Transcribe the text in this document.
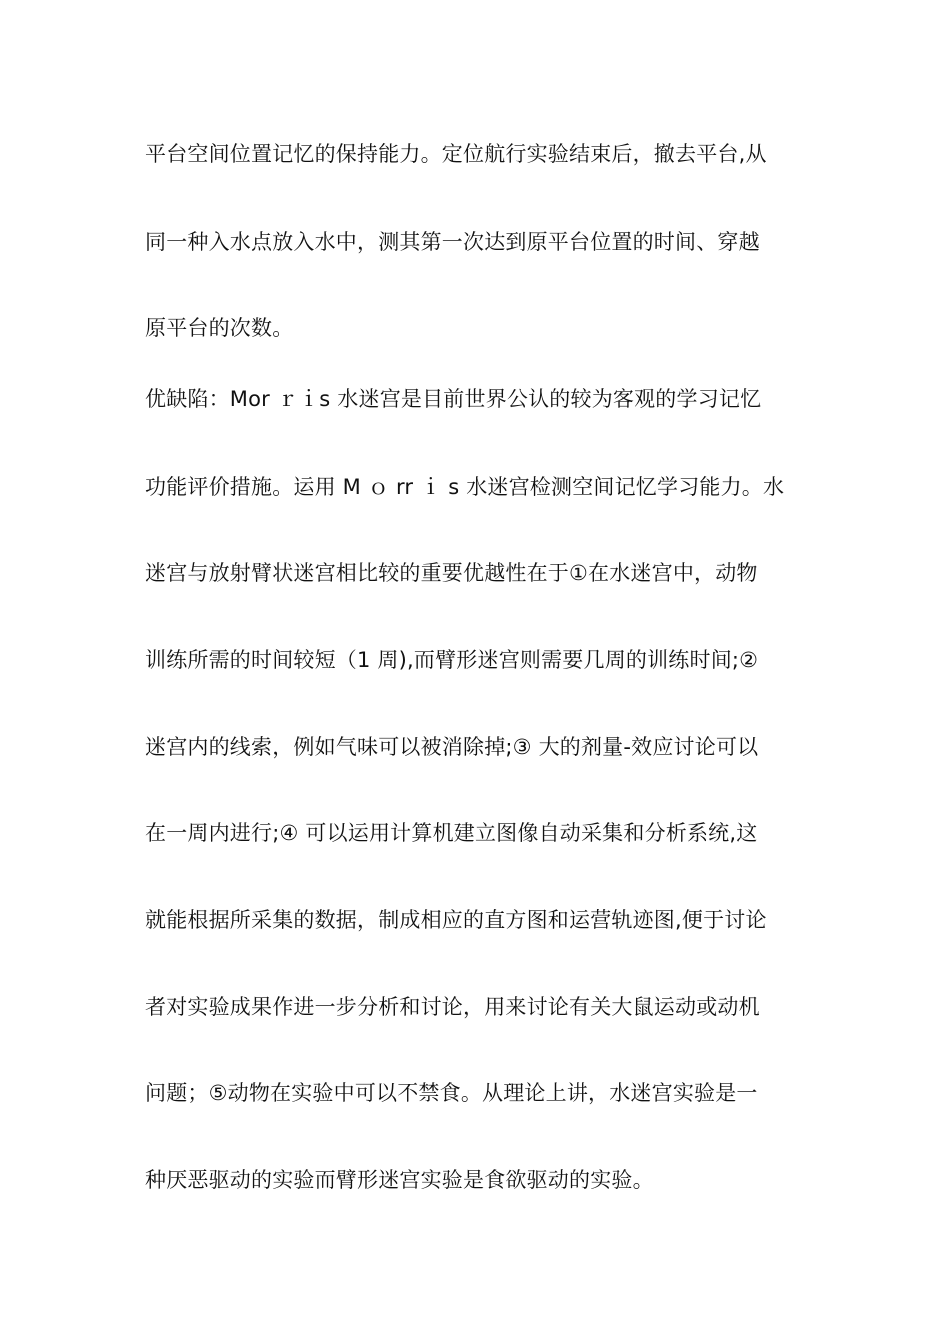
平台空间位置记忆的保持能力。定位航行实验结束后，撤去平台,从
同一种入水点放入水中，测其第一次达到原平台位置的时间、穿越
原平台的次数。
优缺陷：Mor ｒｉs 水迷宫是目前世界公认的较为客观的学习记忆
功能评价措施。运用 M ｏ rr ｉ s 水迷宫检测空间记忆学习能力。水
迷宫与放射臂状迷宫相比较的重要优越性在于①在水迷宫中，动物
训练所需的时间较短（1 周),而臂形迷宫则需要几周的训练时间;②
迷宫内的线索，例如气味可以被消除掉;③ 大的剂量-效应讨论可以
在一周内进行;④ 可以运用计算机建立图像自动采集和分析系统,这
就能根据所采集的数据，制成相应的直方图和运营轨迹图,便于讨论
者对实验成果作进一步分析和讨论，用来讨论有关大鼠运动或动机
问题；⑤动物在实验中可以不禁食。从理论上讲，水迷宫实验是一
种厌恶驱动的实验而臂形迷宫实验是食欲驱动的实验。
